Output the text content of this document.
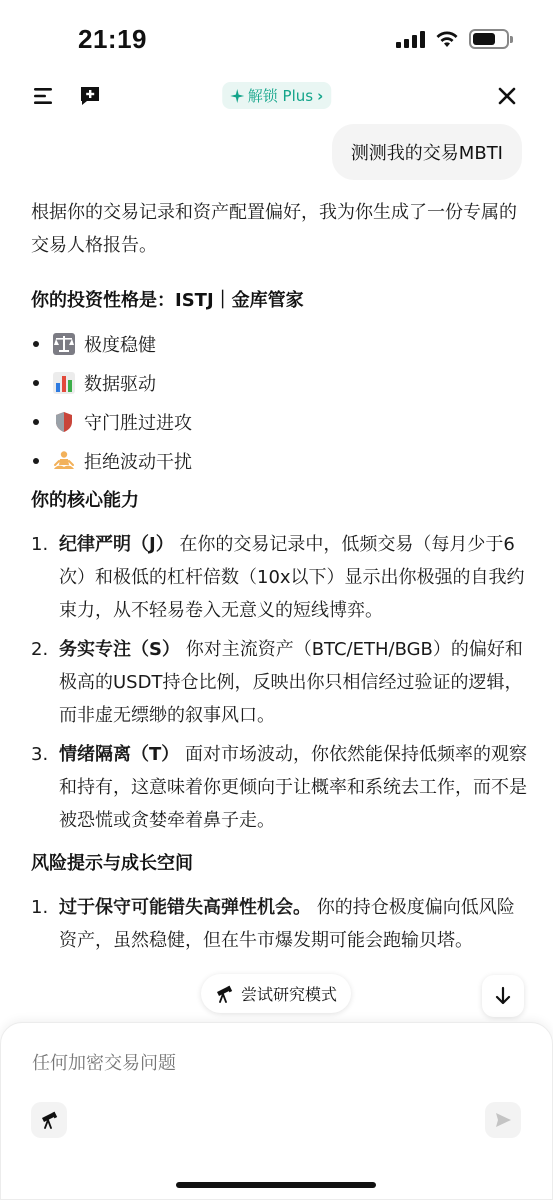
21:19
解锁 Plus ›
测测我的交易MBTI

根据你的交易记录和资产配置偏好，我为你生成了一份专属的交易人格报告。

你的投资性格是：ISTJ｜金库管家
极度稳健
数据驱动
守门胜过进攻
拒绝波动干扰
你的核心能力
1. 纪律严明（J） 在你的交易记录中，低频交易（每月少于6次）和极低的杠杆倍数（10x以下）显示出你极强的自我约束力，从不轻易卷入无意义的短线博弈。
2. 务实专注（S） 你对主流资产（BTC/ETH/BGB）的偏好和极高的USDT持仓比例，反映出你只相信经过验证的逻辑，而非虚无缥缈的叙事风口。
3. 情绪隔离（T） 面对市场波动，你依然能保持低频率的观察和持有，这意味着你更倾向于让概率和系统去工作，而不是被恐慌或贪婪牵着鼻子走。
风险提示与成长空间
1. 过于保守可能错失高弹性机会。 你的持仓极度偏向低风险资产，虽然稳健，但在牛市爆发期可能会跑输贝塔。
尝试研究模式
任何加密交易问题
